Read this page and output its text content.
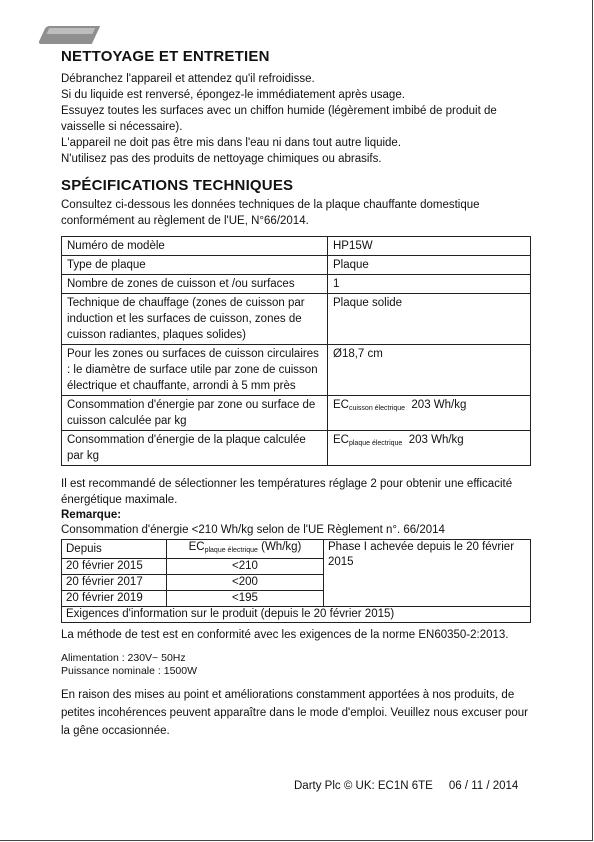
NETTOYAGE ET ENTRETIEN

Débranchez l'appareil et attendez qu'il refroidisse.

Si du liquide est renversé, épongez-le immédiatement après usage.

Essuyez toutes les surfaces avec un chiffon humide (légèrement imbibé de produit de vaisselle si nécessaire).

L'appareil ne doit pas être mis dans l'eau ni dans tout autre liquide.

N'utilisez pas des produits de nettoyage chimiques ou abrasifs.

SPÉCIFICATIONS TECHNIQUES

Consultez ci-dessous les données techniques de la plaque chauffante domestique conformément au règlement de l'UE, N°66/2014.

Numéro de modèle	HP15W
Type de plaque	Plaque
Nombre de zones de cuisson et /ou surfaces	1
Technique de chauffage (zones de cuisson par induction et les surfaces de cuisson, zones de cuisson radiantes, plaques solides)	Plaque solide
Pour les zones ou surfaces de cuisson circulaires : le diamètre de surface utile par zone de cuisson électrique et chauffante, arrondi à 5 mm près	Ø18,7 cm
Consommation d'énergie par zone ou surface de cuisson calculée par kg	$EC_{cuisson électrique}$ 203 Wh/kg
Consommation d'énergie de la plaque calculée par kg	$EC_{plaque électrique}$ 203 Wh/kg

Il est recommandé de sélectionner les températures réglage 2 pour obtenir une efficacité énergétique maximale.

Remarque:

Consommation d'énergie <210 Wh/kg selon de l'UE Règlement n°. 66/2014

Depuis	$EC_{plaque électrique}$ (Wh/kg)	Phase I achevée depuis le 20 février 2015
20 février 2015	<210	
20 février 2017	<200	
20 février 2019	<195	
Exigences d'information sur le produit (depuis le 20 février 2015)		

La méthode de test est en conformité avec les exigences de la norme EN60350-2:2013.

Alimentation : 230V~ 50Hz

Puissance nominale : 1500W

En raison des mises au point et améliorations constamment apportées à nos produits, de petites incohérences peuvent apparaître dans le mode d'emploi. Veuillez nous excuser pour la gêne occasionnée.

Darty Plc © UK: EC1N 6TE 06 / 11 / 2014
